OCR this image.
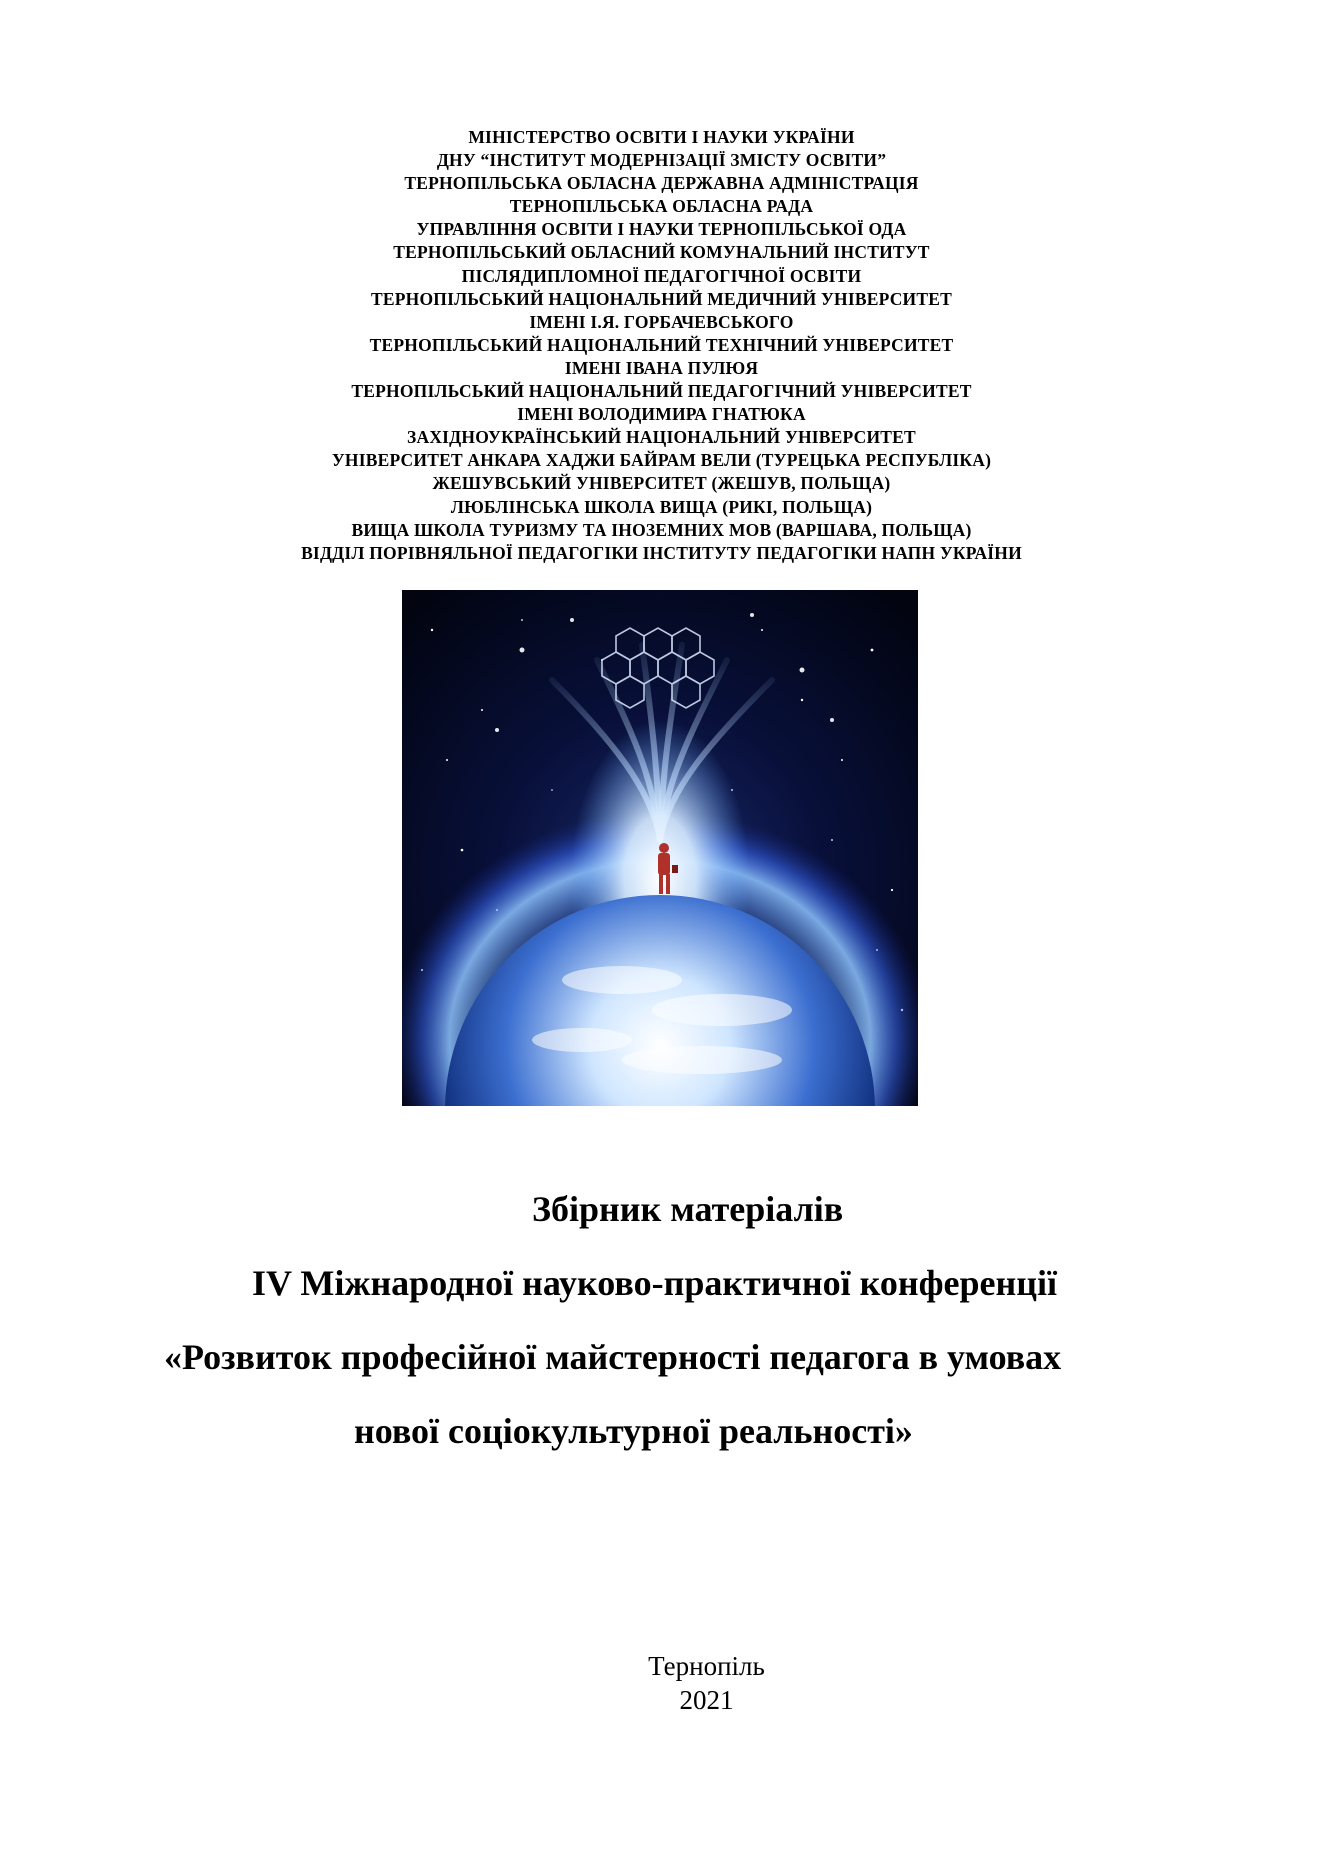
МІНІСТЕРСТВО ОСВІТИ І НАУКИ УКРАЇНИ
ДНУ “ІНСТИТУТ МОДЕРНІЗАЦІЇ ЗМІСТУ ОСВІТИ”
ТЕРНОПІЛЬСЬКА ОБЛАСНА ДЕРЖАВНА АДМІНІСТРАЦІЯ
ТЕРНОПІЛЬСЬКА ОБЛАСНА РАДА
УПРАВЛІННЯ ОСВІТИ І НАУКИ ТЕРНОПІЛЬСЬКОЇ ОДА
ТЕРНОПІЛЬСЬКИЙ ОБЛАСНИЙ КОМУНАЛЬНИЙ ІНСТИТУТ
ПІСЛЯДИПЛОМНОЇ ПЕДАГОГІЧНОЇ ОСВІТИ
ТЕРНОПІЛЬСЬКИЙ НАЦІОНАЛЬНИЙ МЕДИЧНИЙ УНІВЕРСИТЕТ
ІМЕНІ І.Я. ГОРБАЧЕВСЬКОГО
ТЕРНОПІЛЬСЬКИЙ НАЦІОНАЛЬНИЙ ТЕХНІЧНИЙ УНІВЕРСИТЕТ
ІМЕНІ ІВАНА ПУЛЮЯ
ТЕРНОПІЛЬСЬКИЙ НАЦІОНАЛЬНИЙ ПЕДАГОГІЧНИЙ УНІВЕРСИТЕТ
ІМЕНІ ВОЛОДИМИРА ГНАТЮКА
ЗАХІДНОУКРАЇНСЬКИЙ НАЦІОНАЛЬНИЙ УНІВЕРСИТЕТ
УНІВЕРСИТЕТ АНКАРА ХАДЖИ БАЙРАМ ВЕЛИ (ТУРЕЦЬКА РЕСПУБЛІКА)
ЖЕШУВСЬКИЙ УНІВЕРСИТЕТ (ЖЕШУВ, ПОЛЬЩА)
ЛЮБЛІНСЬКА ШКОЛА ВИЩА (РИКІ, ПОЛЬЩА)
ВИЩА ШКОЛА ТУРИЗМУ ТА ІНОЗЕМНИХ МОВ (ВАРШАВА, ПОЛЬЩА)
ВІДДІЛ ПОРІВНЯЛЬНОЇ ПЕДАГОГІКИ ІНСТИТУТУ ПЕДАГОГІКИ НАПН УКРАЇНИ
Збірник матеріалів
IV Міжнародної науково-практичної конференції
«Розвиток професійної майстерності педагога в умовах
нової соціокультурної реальності»
Тернопіль
2021
